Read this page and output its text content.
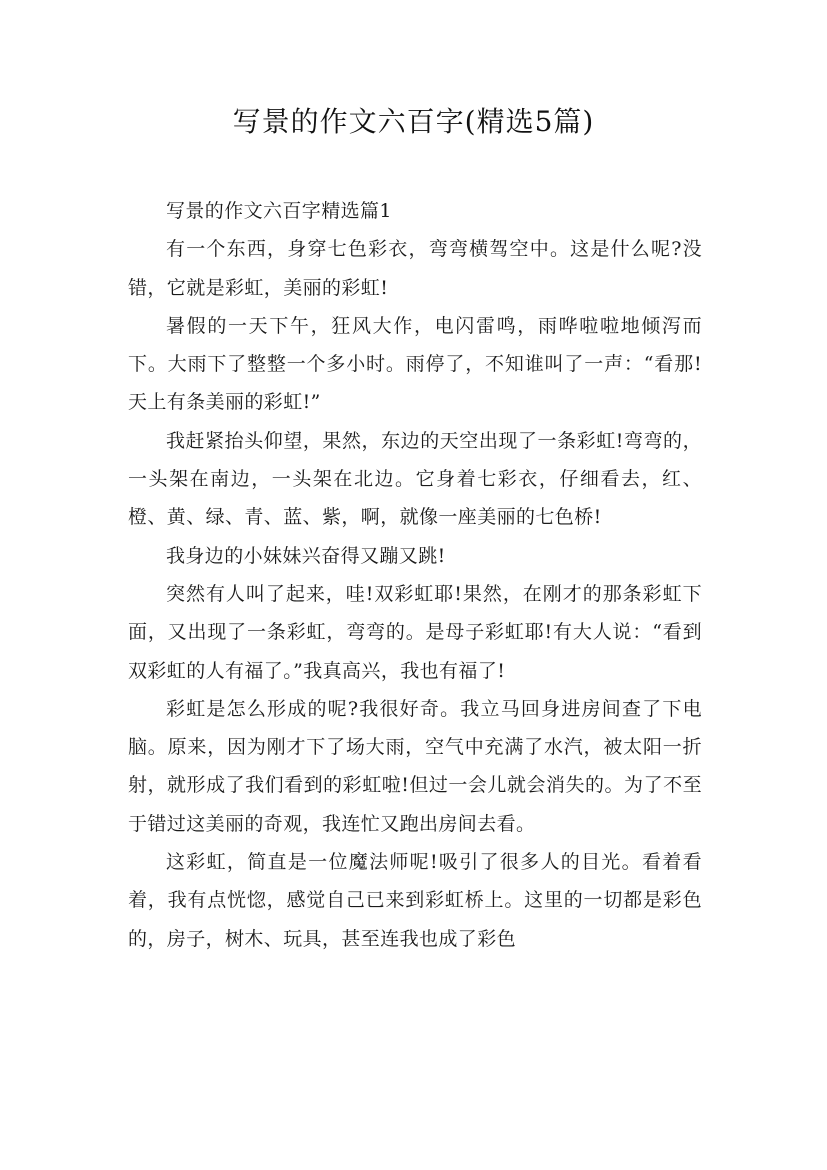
写景的作文六百字(精选5篇)

写景的作文六百字精选篇1

有一个东西，身穿七色彩衣，弯弯横驾空中。这是什么呢?没错，它就是彩虹，美丽的彩虹!

暑假的一天下午，狂风大作，电闪雷鸣，雨哗啦啦地倾泻而下。大雨下了整整一个多小时。雨停了，不知谁叫了一声：“看那!天上有条美丽的彩虹!”

我赶紧抬头仰望，果然，东边的天空出现了一条彩虹!弯弯的，一头架在南边，一头架在北边。它身着七彩衣，仔细看去，红、橙、黄、绿、青、蓝、紫，啊，就像一座美丽的七色桥!

我身边的小妹妹兴奋得又蹦又跳!

突然有人叫了起来，哇!双彩虹耶!果然，在刚才的那条彩虹下面，又出现了一条彩虹，弯弯的。是母子彩虹耶!有大人说：“看到双彩虹的人有福了。”我真高兴，我也有福了!

彩虹是怎么形成的呢?我很好奇。我立马回身进房间查了下电脑。原来，因为刚才下了场大雨，空气中充满了水汽，被太阳一折射，就形成了我们看到的彩虹啦!但过一会儿就会消失的。为了不至于错过这美丽的奇观，我连忙又跑出房间去看。

这彩虹，简直是一位魔法师呢!吸引了很多人的目光。看着看着，我有点恍惚，感觉自己已来到彩虹桥上。这里的一切都是彩色的，房子，树木、玩具，甚至连我也成了彩色
